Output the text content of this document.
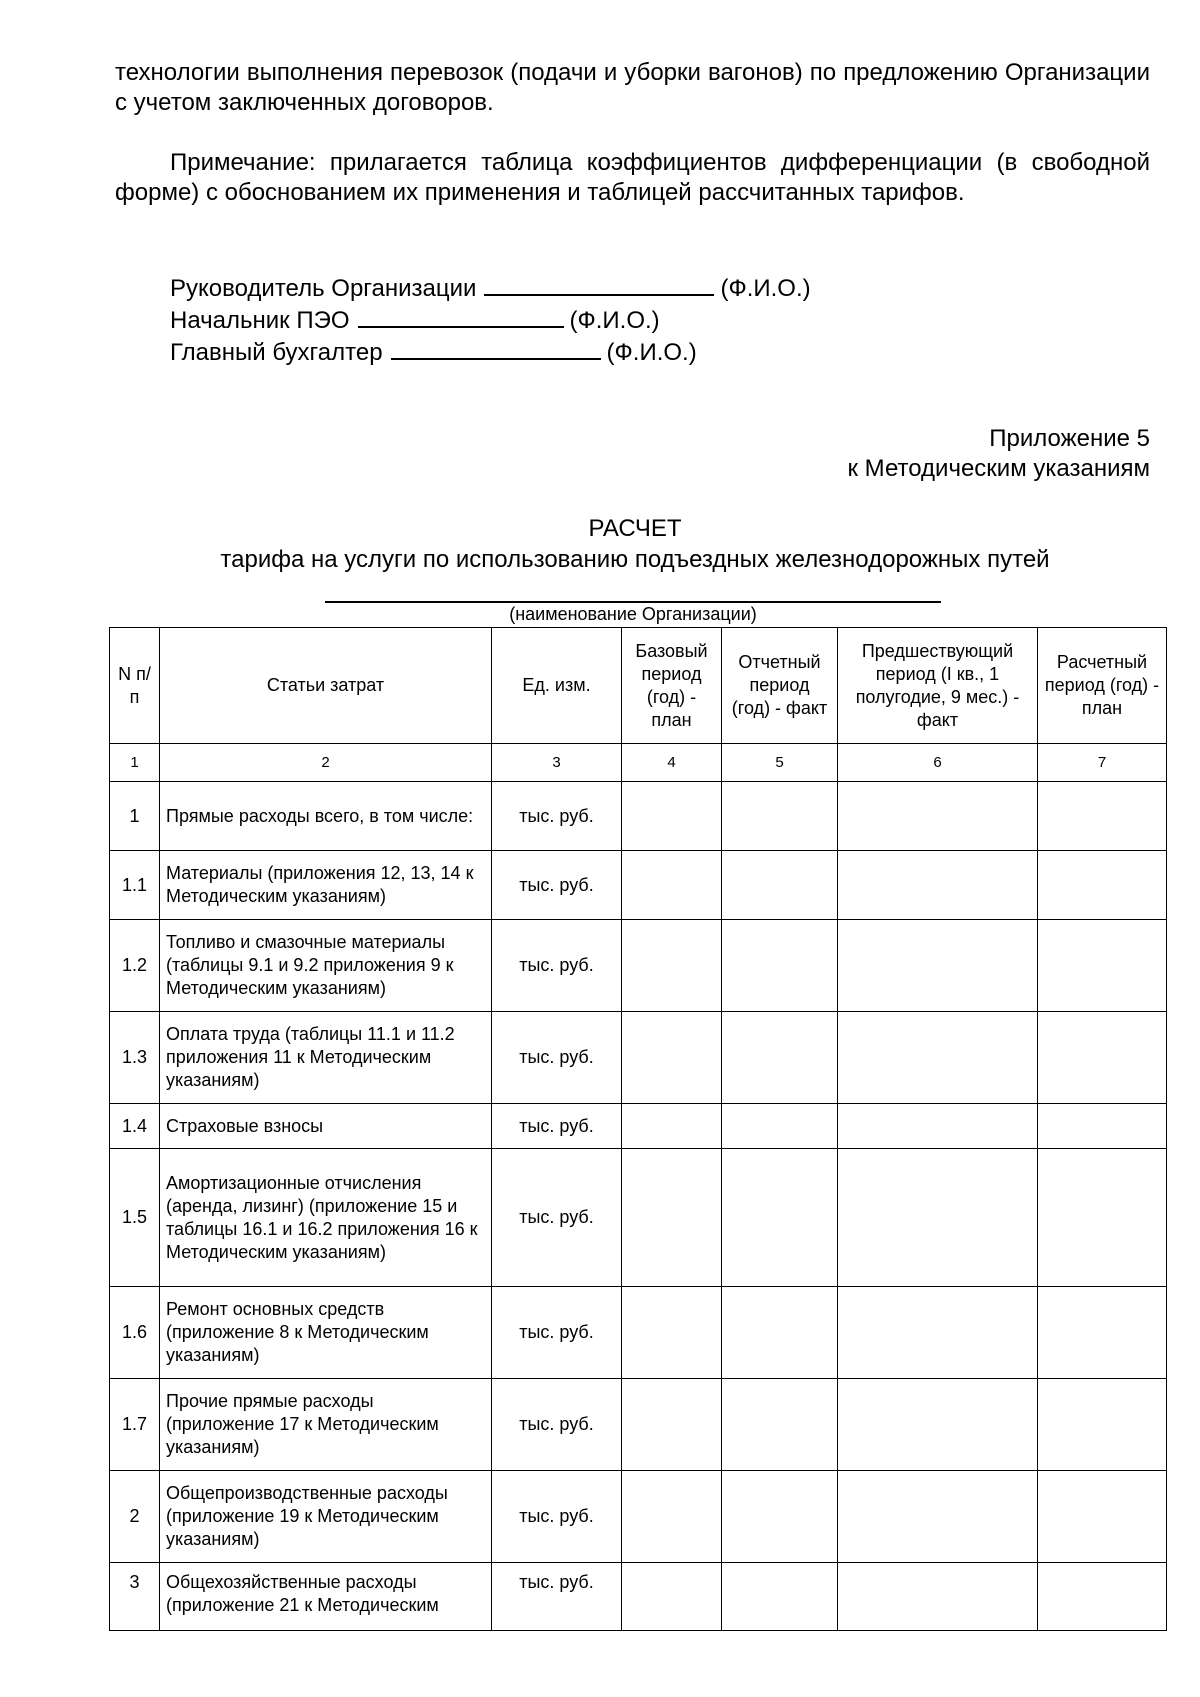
технологии выполнения перевозок (подачи и уборки вагонов) по предложению Организации с учетом заключенных договоров.
Примечание: прилагается таблица коэффициентов дифференциации (в свободной форме) с обоснованием их применения и таблицей рассчитанных тарифов.
Руководитель Организации	(Ф.И.О.)
Начальник ПЭО	(Ф.И.О.)
Главный бухгалтер	(Ф.И.О.)
Приложение 5
к Методическим указаниям
РАСЧЕТ
тарифа на услуги по использованию подъездных железнодорожных путей
(наименование Организации)
N п/п	Статьи затрат	Ед. изм.	Базовый период (год) - план	Отчетный период (год) - факт	Предшествующий период (I кв., 1 полугодие, 9 мес.) - факт	Расчетный период (год) - план
1	2	3	4	5	6	7
1	Прямые расходы всего, в том числе:	тыс. руб.				
1.1	Материалы (приложения 12, 13, 14 к Методическим указаниям)	тыс. руб.				
1.2	Топливо и смазочные материалы (таблицы 9.1 и 9.2 приложения 9 к Методическим указаниям)	тыс. руб.				
1.3	Оплата труда (таблицы 11.1 и 11.2 приложения 11 к Методическим указаниям)	тыс. руб.				
1.4	Страховые взносы	тыс. руб.				
1.5	Амортизационные отчисления (аренда, лизинг) (приложение 15 и таблицы 16.1 и 16.2 приложения 16 к Методическим указаниям)	тыс. руб.				
1.6	Ремонт основных средств (приложение 8 к Методическим указаниям)	тыс. руб.				
1.7	Прочие прямые расходы (приложение 17 к Методическим указаниям)	тыс. руб.				
2	Общепроизводственные расходы (приложение 19 к Методическим указаниям)	тыс. руб.				
3	Общехозяйственные расходы (приложение 21 к Методическим	тыс. руб.				
